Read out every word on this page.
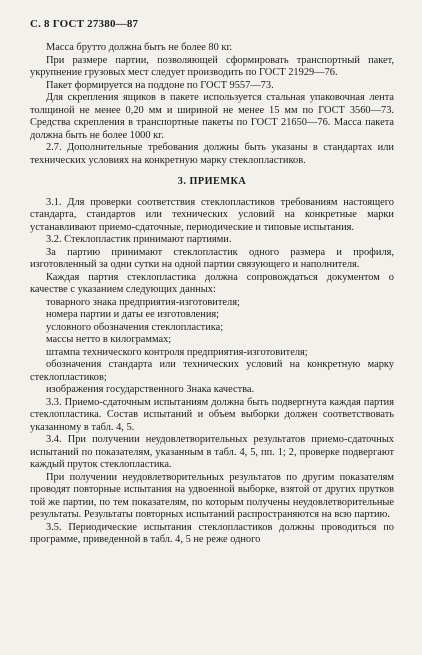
С. 8 ГОСТ 27380—87

Масса брутто должна быть не более 80 кг.

При размере партии, позволяющей сформировать транспортный пакет, укрупнение грузовых мест следует производить по ГОСТ 21929—76.

Пакет формируется на поддоне по ГОСТ 9557—73.

Для скрепления ящиков в пакете используется стальная упаковочная лента толщиной не менее 0,20 мм и шириной не менее 15 мм по ГОСТ 3560—73. Средства скрепления в транспортные пакеты по ГОСТ 21650—76. Масса пакета должна быть не более 1000 кг.

2.7. Дополнительные требования должны быть указаны в стандартах или технических условиях на конкретную марку стеклопластиков.

3. ПРИЕМКА

3.1. Для проверки соответствия стеклопластиков требованиям настоящего стандарта, стандартов или технических условий на конкретные марки устанавливают приемо-сдаточные, периодические и типовые испытания.

3.2. Стеклопластик принимают партиями.

За партию принимают стеклопластик одного размера и профиля, изготовленный за одни сутки на одной партии связующего и наполнителя.

Каждая партия стеклопластика должна сопровождаться документом о качестве с указанием следующих данных:

товарного знака предприятия-изготовителя;

номера партии и даты ее изготовления;

условного обозначения стеклопластика;

массы нетто в килограммах;

штампа технического контроля предприятия-изготовителя;

обозначения стандарта или технических условий на конкретную марку стеклопластиков;

изображения государственного Знака качества.

3.3. Приемо-сдаточным испытаниям должна быть подвергнута каждая партия стеклопластика. Состав испытаний и объем выборки должен соответствовать указанному в табл. 4, 5.

3.4. При получении неудовлетворительных результатов приемо-сдаточных испытаний по показателям, указанным в табл. 4, 5, пп. 1; 2, проверке подвергают каждый пруток стеклопластика.

При получении неудовлетворительных результатов по другим показателям проводят повторные испытания на удвоенной выборке, взятой от других прутков той же партии, по тем показателям, по которым получены неудовлетворительные результаты. Результаты повторных испытаний распространяются на всю партию.

3.5. Периодические испытания стеклопластиков должны проводиться по программе, приведенной в табл. 4, 5 не реже одного
